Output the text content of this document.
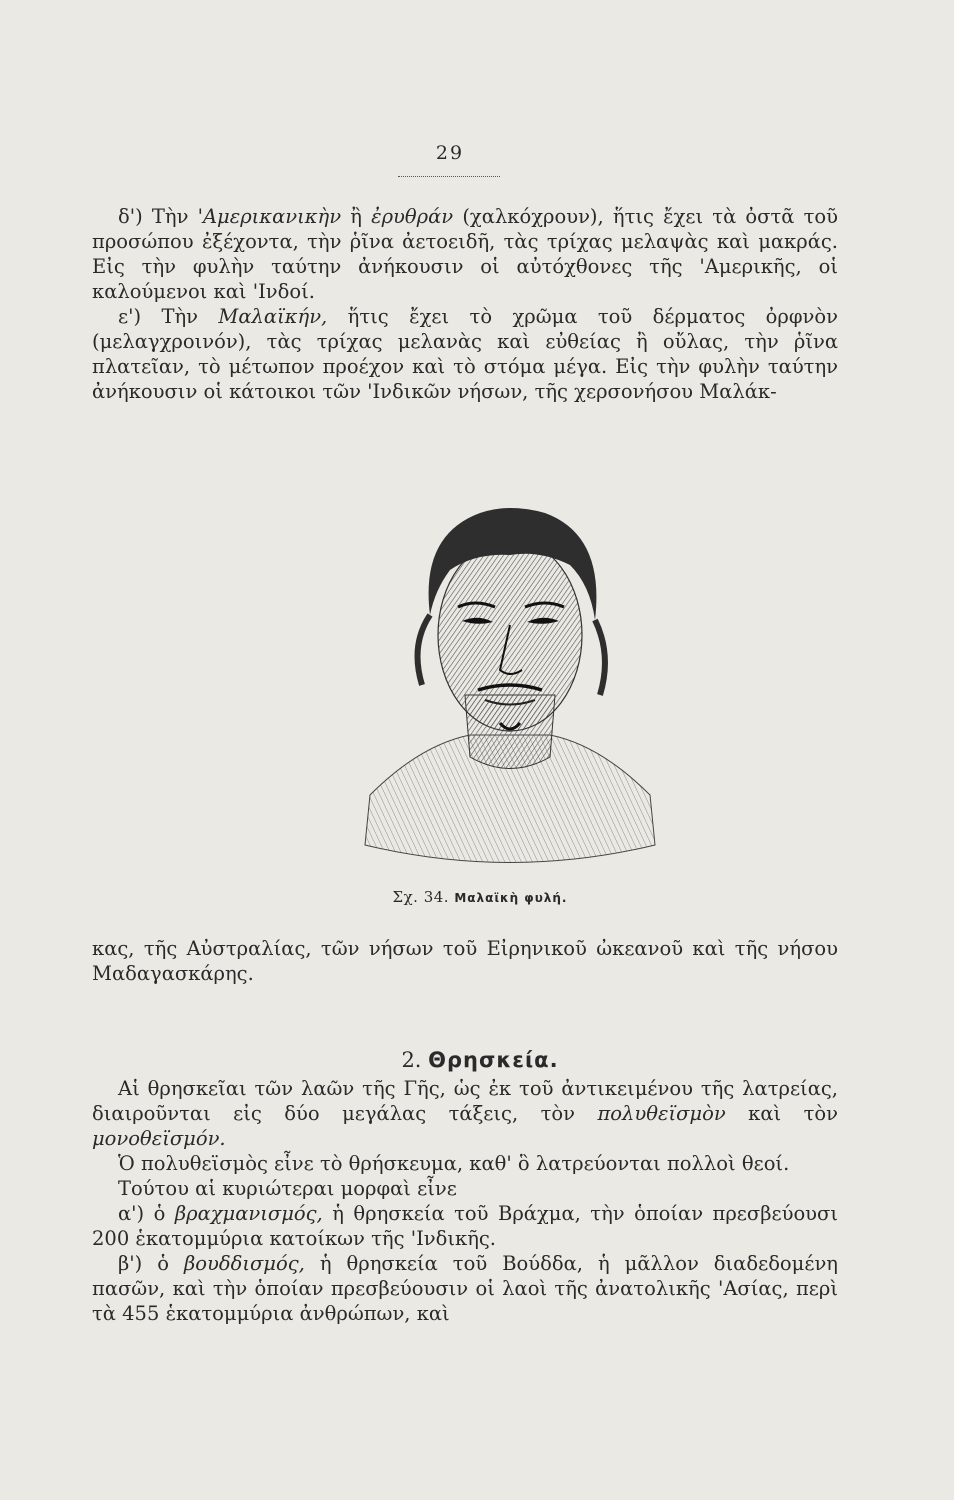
29

δ') Τὴν 'Αμερικανικὴν ἢ ἐρυθράν (χαλκόχρουν), ἥτις ἔχει τὰ ὀστᾶ τοῦ προσώπου ἐξέχοντα, τὴν ῥῖνα ἀετοειδῆ, τὰς τρίχας μελαψὰς καὶ μακράς. Εἰς τὴν φυλὴν ταύτην ἀνήκουσιν οἱ αὐτόχθονες τῆς 'Αμερικῆς, οἱ καλούμενοι καὶ 'Ινδοί.

ε') Τὴν Μαλαϊκήν, ἥτις ἔχει τὸ χρῶμα τοῦ δέρματος ὀρφνὸν (μελαγχροινόν), τὰς τρίχας μελανὰς καὶ εὐθείας ἢ οὔλας, τὴν ῥῖνα πλατεῖαν, τὸ μέτωπον προέχον καὶ τὸ στόμα μέγα. Εἰς τὴν φυλὴν ταύτην ἀνήκουσιν οἱ κάτοικοι τῶν 'Ινδικῶν νήσων, τῆς χερσονήσου Μαλάκ-

Σχ. 34. Μαλαϊκὴ φυλή.

κας, τῆς Αὐστραλίας, τῶν νήσων τοῦ Εἰρηνικοῦ ὠκεανοῦ καὶ τῆς νήσου Μαδαγασκάρης.

2. Θρησκεία.

Αἱ θρησκεῖαι τῶν λαῶν τῆς Γῆς, ὡς ἐκ τοῦ ἀντικειμένου τῆς λατρείας, διαιροῦνται εἰς δύο μεγάλας τάξεις, τὸν πολυθεϊσμὸν καὶ τὸν μονοθεϊσμόν.

Ὁ πολυθεϊσμὸς εἶνε τὸ θρήσκευμα, καθ' ὃ λατρεύονται πολλοὶ θεοί.

Τούτου αἱ κυριώτεραι μορφαὶ εἶνε

α') ὁ βραχμανισμός, ἡ θρησκεία τοῦ Βράχμα, τὴν ὁποίαν πρεσβεύουσι 200 ἑκατομμύρια κατοίκων τῆς 'Ινδικῆς.

β') ὁ βουδδισμός, ἡ θρησκεία τοῦ Βούδδα, ἡ μᾶλλον διαδεδομένη πασῶν, καὶ τὴν ὁποίαν πρεσβεύουσιν οἱ λαοὶ τῆς ἀνατολικῆς 'Ασίας, περὶ τὰ 455 ἑκατομμύρια ἀνθρώπων, καὶ
